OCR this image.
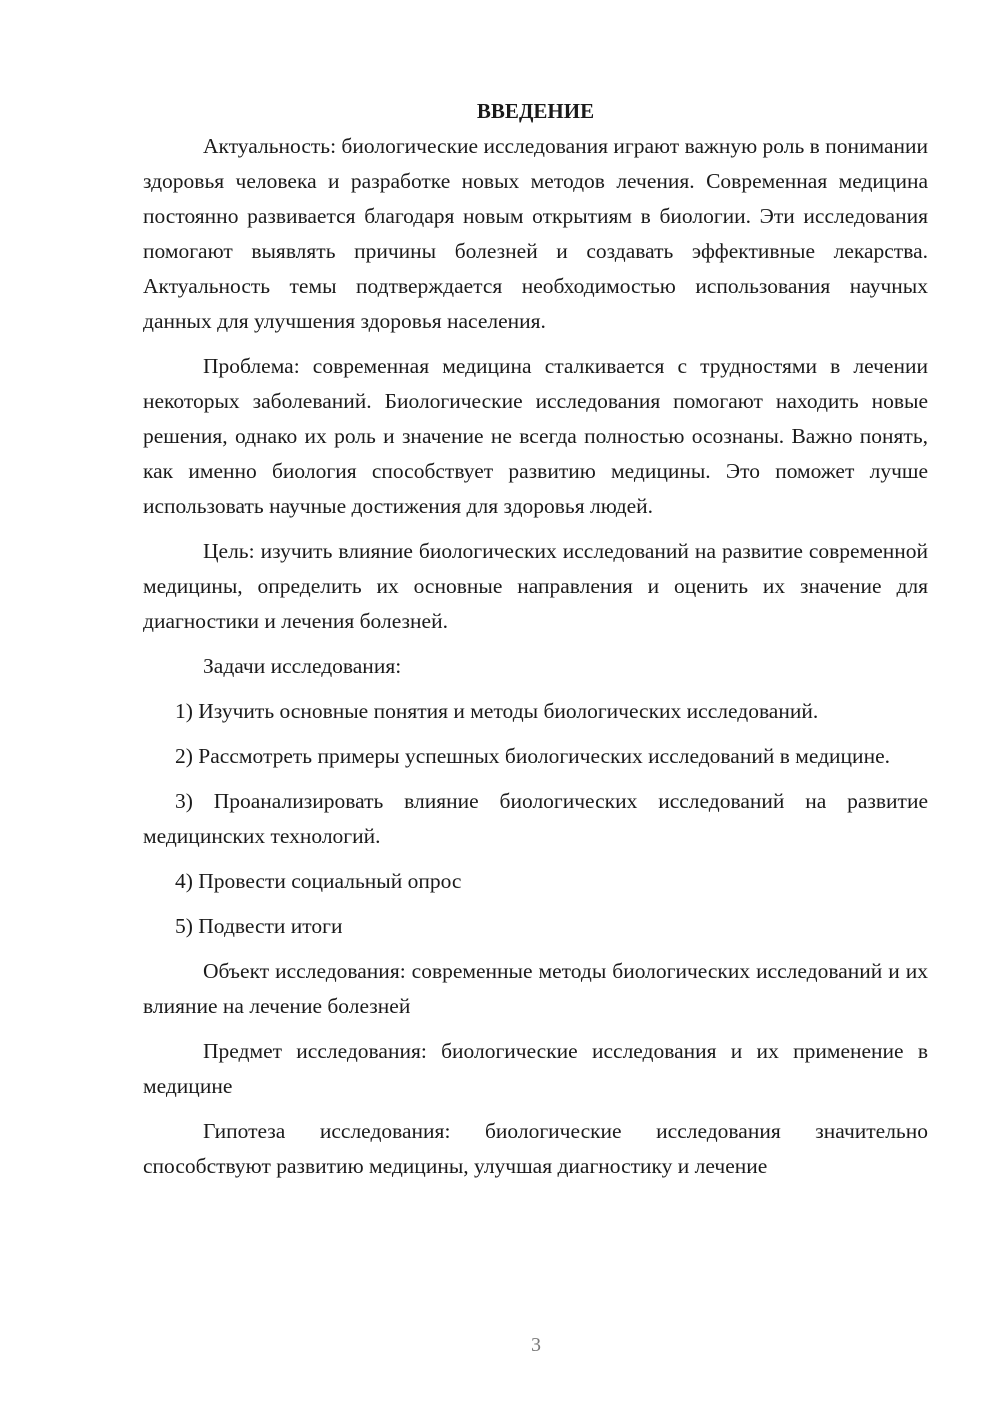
ВВЕДЕНИЕ

Актуальность: биологические исследования играют важную роль в понимании здоровья человека и разработке новых методов лечения. Современная медицина постоянно развивается благодаря новым открытиям в биологии. Эти исследования помогают выявлять причины болезней и создавать эффективные лекарства. Актуальность темы подтверждается необходимостью использования научных данных для улучшения здоровья населения.

Проблема: современная медицина сталкивается с трудностями в лечении некоторых заболеваний. Биологические исследования помогают находить новые решения, однако их роль и значение не всегда полностью осознаны. Важно понять, как именно биология способствует развитию медицины. Это поможет лучше использовать научные достижения для здоровья людей.

Цель: изучить влияние биологических исследований на развитие современной медицины, определить их основные направления и оценить их значение для диагностики и лечения болезней.

Задачи исследования:

1) Изучить основные понятия и методы биологических исследований.

2) Рассмотреть примеры успешных биологических исследований в медицине.

3) Проанализировать влияние биологических исследований на развитие медицинских технологий.

4) Провести социальный опрос

5) Подвести итоги

Объект исследования: современные методы биологических исследований и их влияние на лечение болезней

Предмет исследования: биологические исследования и их применение в медицине

Гипотеза исследования: биологические исследования значительно способствуют развитию медицины, улучшая диагностику и лечение

3
